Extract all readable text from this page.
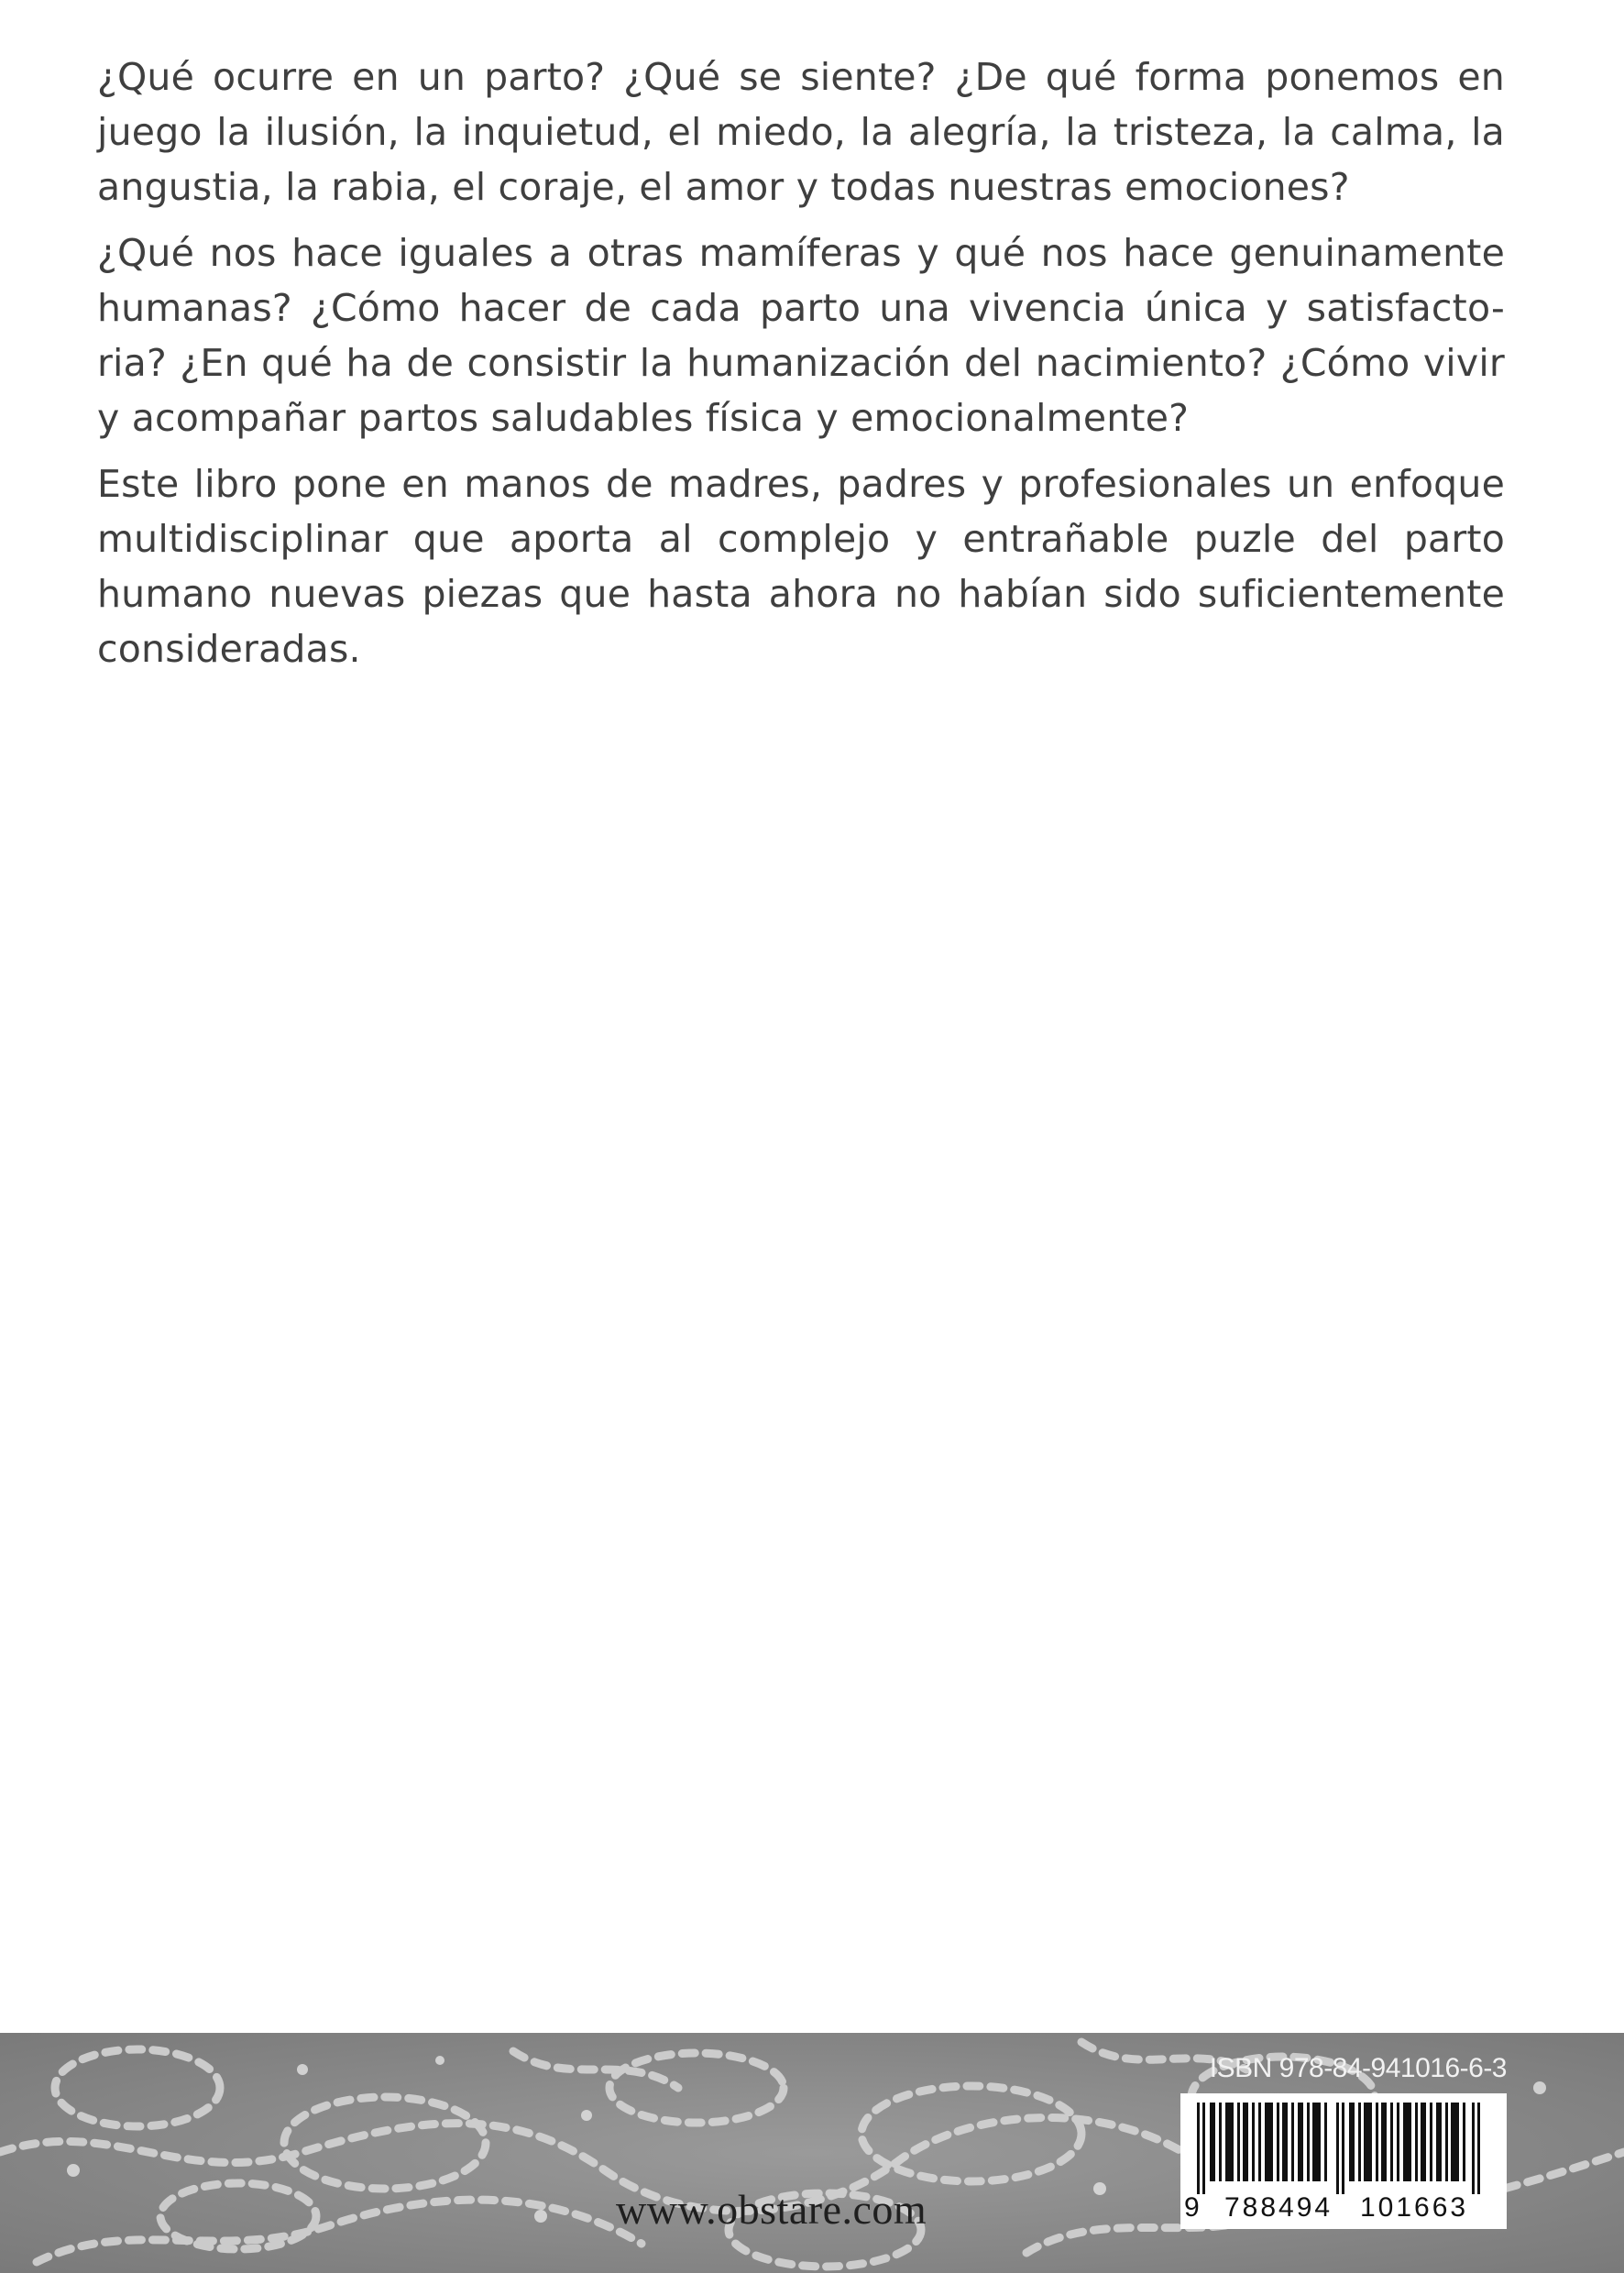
¿Qué ocurre en un parto? ¿Qué se siente? ¿De qué forma ponemos en juego la ilusión, la inquietud, el miedo, la alegría, la tristeza, la calma, la angustia, la rabia, el coraje, el amor y todas nuestras emociones?

¿Qué nos hace iguales a otras mamíferas y qué nos hace genuinamente humanas? ¿Cómo hacer de cada parto una vivencia única y satisfacto-ria? ¿En qué ha de consistir la humanización del nacimiento? ¿Cómo vivir y acompañar partos saludables física y emocionalmente?

Este libro pone en manos de madres, padres y profesionales un enfoque multidisciplinar que aporta al complejo y entrañable puzle del parto humano nuevas piezas que hasta ahora no habían sido suficientemente consideradas.

www.obstare.com
ISBN 978-84-941016-6-3
9 788494 101663
